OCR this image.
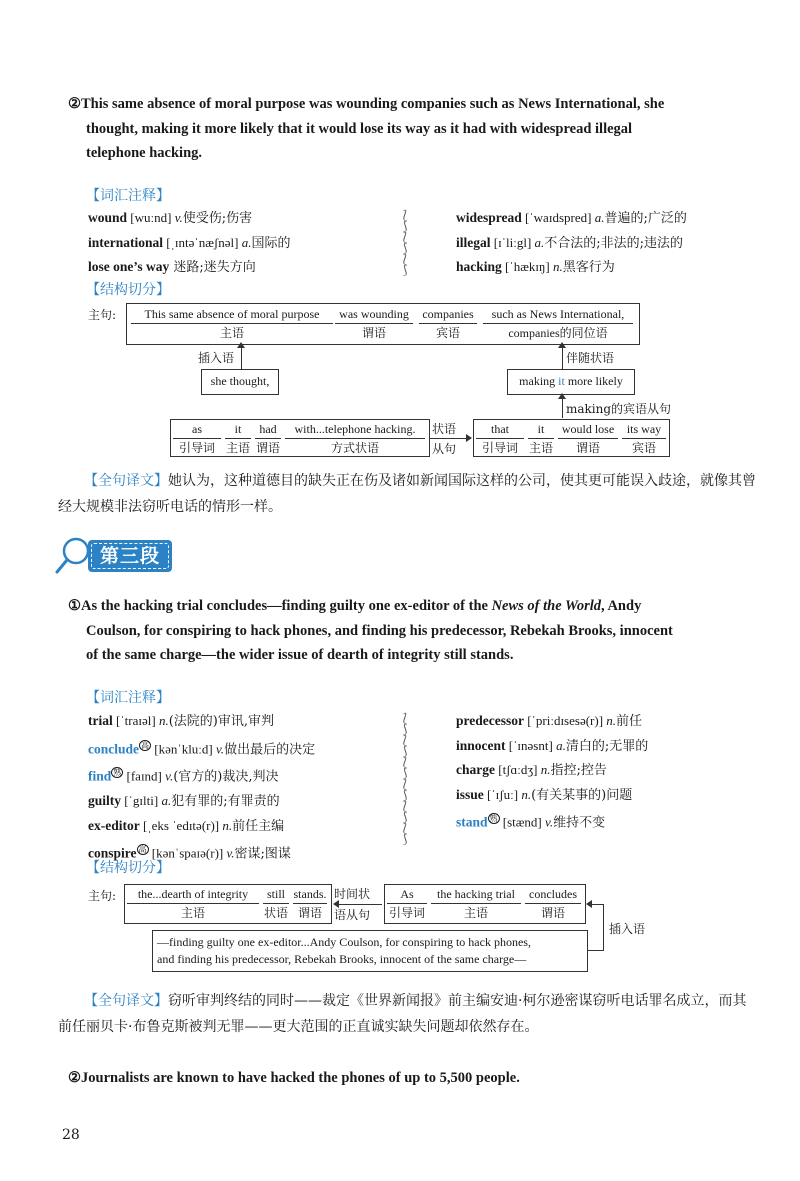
②This same absence of moral purpose was wounding companies such as News International, she
thought, making it more likely that it would lose its way as it had with widespread illegal
telephone hacking.
【词汇注释】
wound [wuːnd] v.使受伤;伤害
international [ˌɪntəˈnæʃnəl] a.国际的
lose one’s way 迷路;迷失方向
⟅
⟆
⟅
⟆
⟅
⟆
widespread [ˈwaɪdspred] a.普遍的;广泛的
illegal [ɪˈliːgl] a.不合法的;非法的;违法的
hacking [ˈhækɪŋ] n.黑客行为
【结构切分】
主句:	This same absence of moral purpose
主语
was wounding
谓语
companies
宾语
such as News International,
companies的同位语
插入语
she thought,
伴随状语
making it more likely
making的宾语从句
as
引导词
it
主语
had
谓语
with...telephone hacking.
方式状语
状语
从句
that
引导词
it
主语
would lose
谓语
its way
宾语
【全句译文】她认为，这种道德目的缺失正在伤及诸如新闻国际这样的公司，使其更可能误入歧途，就像其曾经大规模非法窃听电话的情形一样。
第三段
①As the hacking trial concludes—finding guilty one ex-editor of the News of the World, Andy
Coulson, for conspiring to hack phones, and finding his predecessor, Rebekah Brooks, innocent
of the same charge—the wider issue of dearth of integrity still stands.
【词汇注释】
trial [ˈtraɪəl] n.(法院的)审讯,审判
conclude $^高$ [kənˈkluːd] v.做出最后的决定
find $^熟$ [faɪnd] v.(官方的)裁决,判决
guilty [ˈgɪlti] a.犯有罪的;有罪责的
ex-editor [ˌeks ˈedɪtə(r)] n.前任主编
conspire $^高$ [kənˈspaɪə(r)] v.密谋;图谋
⟅
⟆
⟅
⟆
⟅
⟆
⟅
⟆
⟅
⟆
⟅
⟆
predecessor [ˈpriːdɪsesə(r)] n.前任
innocent [ˈɪnəsnt] a.清白的;无罪的
charge [tʃɑːdʒ] n.指控;控告
issue [ˈɪʃuː] n.(有关某事的)问题
stand $^熟$ [stænd] v.维持不变
【结构切分】
主句:	the...dearth of integrity
主语
still
状语
stands.
谓语
时间状
语从句
As
引导词
the hacking trial
主语
concludes
谓语
插入语
—finding guilty one ex-editor...Andy Coulson, for conspiring to hack phones,
and finding his predecessor, Rebekah Brooks, innocent of the same charge—
【全句译文】窃听审判终结的同时——裁定《世界新闻报》前主编安迪·柯尔逊密谋窃听电话罪名成立，而其前任丽贝卡·布鲁克斯被判无罪——更大范围的正直诚实缺失问题却依然存在。
②Journalists are known to have hacked the phones of up to 5,500 people.
28
